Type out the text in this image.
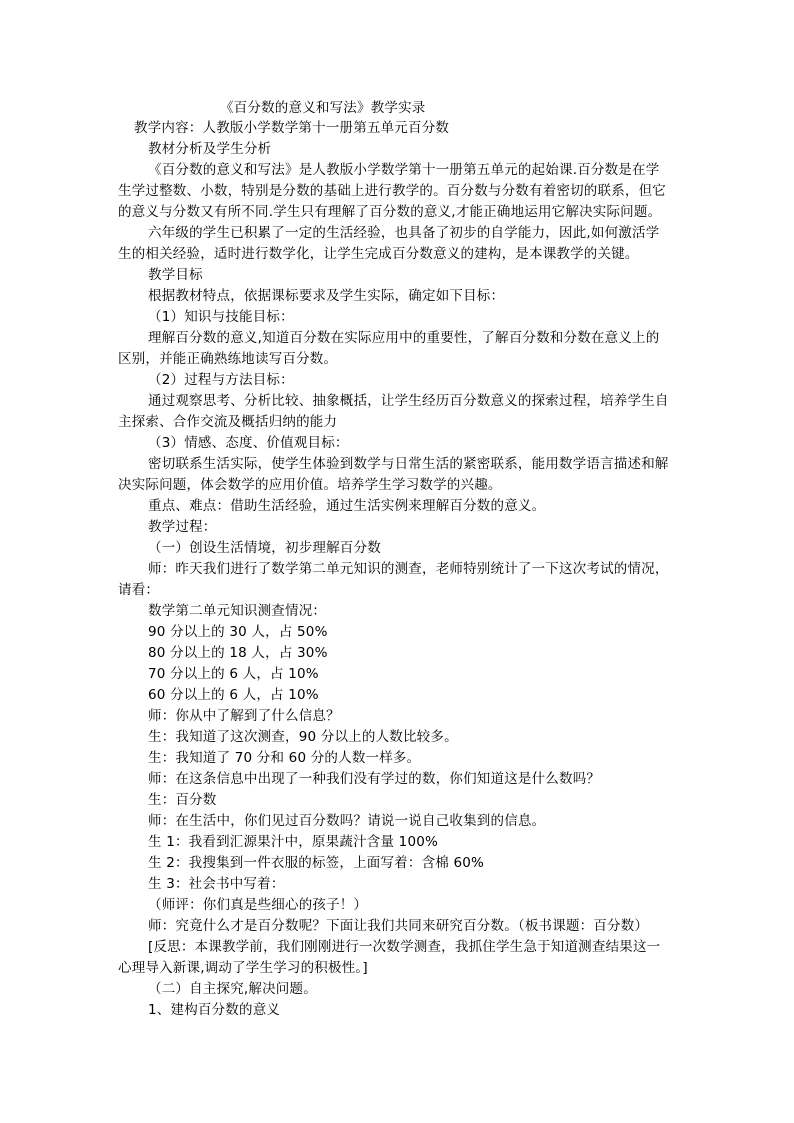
《百分数的意义和写法》教学实录
教学内容：人教版小学数学第十一册第五单元百分数
教材分析及学生分析
《百分数的意义和写法》是人教版小学数学第十一册第五单元的起始课.百分数是在学
生学过整数、小数，特别是分数的基础上进行教学的。百分数与分数有着密切的联系，但它
的意义与分数又有所不同.学生只有理解了百分数的意义,才能正确地运用它解决实际问题。
六年级的学生已积累了一定的生活经验，也具备了初步的自学能力，因此,如何激活学
生的相关经验，适时进行数学化，让学生完成百分数意义的建构，是本课教学的关键。
教学目标
根据教材特点，依据课标要求及学生实际，确定如下目标：
（1）知识与技能目标：
理解百分数的意义,知道百分数在实际应用中的重要性，了解百分数和分数在意义上的
区别，并能正确熟练地读写百分数。
（2）过程与方法目标：
通过观察思考、分析比较、抽象概括，让学生经历百分数意义的探索过程，培养学生自
主探索、合作交流及概括归纳的能力
（3）情感、态度、价值观目标：
密切联系生活实际，使学生体验到数学与日常生活的紧密联系，能用数学语言描述和解
决实际问题，体会数学的应用价值。培养学生学习数学的兴趣。
重点、难点：借助生活经验，通过生活实例来理解百分数的意义。
教学过程：
（一）创设生活情境，初步理解百分数
师：昨天我们进行了数学第二单元知识的测查，老师特别统计了一下这次考试的情况，
请看：
数学第二单元知识测查情况：
90 分以上的 30 人，占 50%
80 分以上的 18 人，占 30%
70 分以上的 6 人，占 10%
60 分以上的 6 人，占 10%
师：你从中了解到了什么信息？
生：我知道了这次测查，90 分以上的人数比较多。
生：我知道了 70 分和 60 分的人数一样多。
师：在这条信息中出现了一种我们没有学过的数，你们知道这是什么数吗？
生：百分数
师：在生活中，你们见过百分数吗？请说一说自己收集到的信息。
生 1：我看到汇源果汁中，原果蔬汁含量 100%
生 2：我搜集到一件衣服的标签，上面写着：含棉 60%
生 3：社会书中写着：
（师评：你们真是些细心的孩子！）
师：究竟什么才是百分数呢？下面让我们共同来研究百分数。（板书课题：百分数）
[反思：本课教学前，我们刚刚进行一次数学测查，我抓住学生急于知道测查结果这一
心理导入新课,调动了学生学习的积极性。]
（二）自主探究,解决问题。
1、建构百分数的意义
